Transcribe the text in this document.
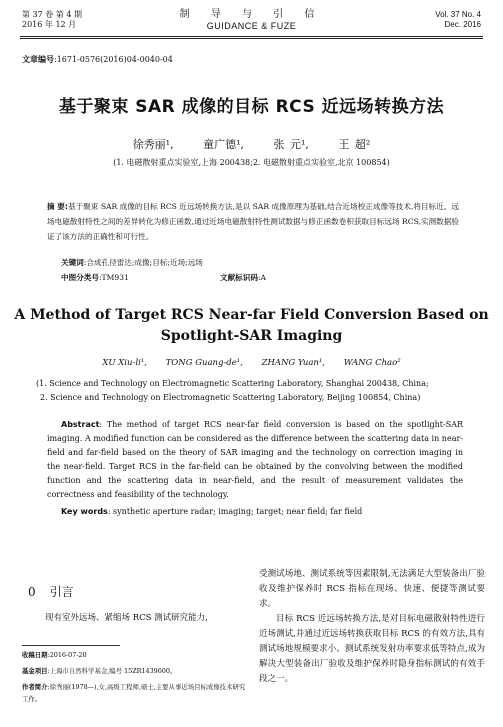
第 37 卷 第 4 期
2016 年 12 月
制 导 与 引 信
GUIDANCE & FUZE
Vol. 37 No. 4
Dec. 2016
文章编号:1671-0576(2016)04-0040-04
基于聚束 SAR 成像的目标 RCS 近远场转换方法
徐秀丽¹,	童广德¹,	张 元¹,	王 超²
(1. 电磁散射重点实验室,上海 200438;2. 电磁散射重点实验室,北京 100854)
摘 要:基于聚束 SAR 成像的目标 RCS 近远场转换方法,是以 SAR 成像原理为基础,结合近场校正成像等技术,将目标近、远场电磁散射特性之间的差异转化为修正函数,通过近场电磁散射特性测试数据与修正函数卷积获取目标远场 RCS,实测数据验证了该方法的正确性和可行性。
关键词:合成孔径雷达;成像;目标;近场;远场
中图分类号:TM931	文献标识码:A
A Method of Target RCS Near-far Field Conversion Based on
Spotlight-SAR Imaging
XU Xiu-li¹, TONG Guang-de¹, ZHANG Yuan¹, WANG Chao²
(1. Science and Technology on Electromagnetic Scattering Laboratory, Shanghai 200438, China;
2. Science and Technology on Electromagnetic Scattering Laboratory, Beijing 100854, China)
Abstract: The method of target RCS near-far field conversion is based on the spotlight-SAR imaging. A modified function can be considered as the difference between the scattering data in near-field and far-field based on the theory of SAR imaging and the technology on correction imaging in the near-field. Target RCS in the far-field can be obtained by the convolving between the modified function and the scattering data in near-field, and the result of measurement validates the correctness and feasibility of the technology.
Key words: synthetic aperture radar; imaging; target; near field; far field
0 引言
现有室外远场、紧缩场 RCS 测试研究能力,
收稿日期:2016-07-20
基金项目:上海市自然科学基金,编号 15ZR1439600。
作者简介:徐秀丽(1978—),女,高级工程师,硕士,主要从事近场目标成像技术研究工作。

受测试场地、测试系统等因素限制,无法满足大型装备出厂验收及维护保养时 RCS 指标在现场、快速、便捷等测试要求。

目标 RCS 近远场转换方法,是对目标电磁散射特性进行近场测试,并通过近远场转换获取目标 RCS 的有效方法,具有测试场地规模要求小、测试系统发射功率要求低等特点,成为解决大型装备出厂验收及维护保养时隐身指标测试的有效手段之一。
